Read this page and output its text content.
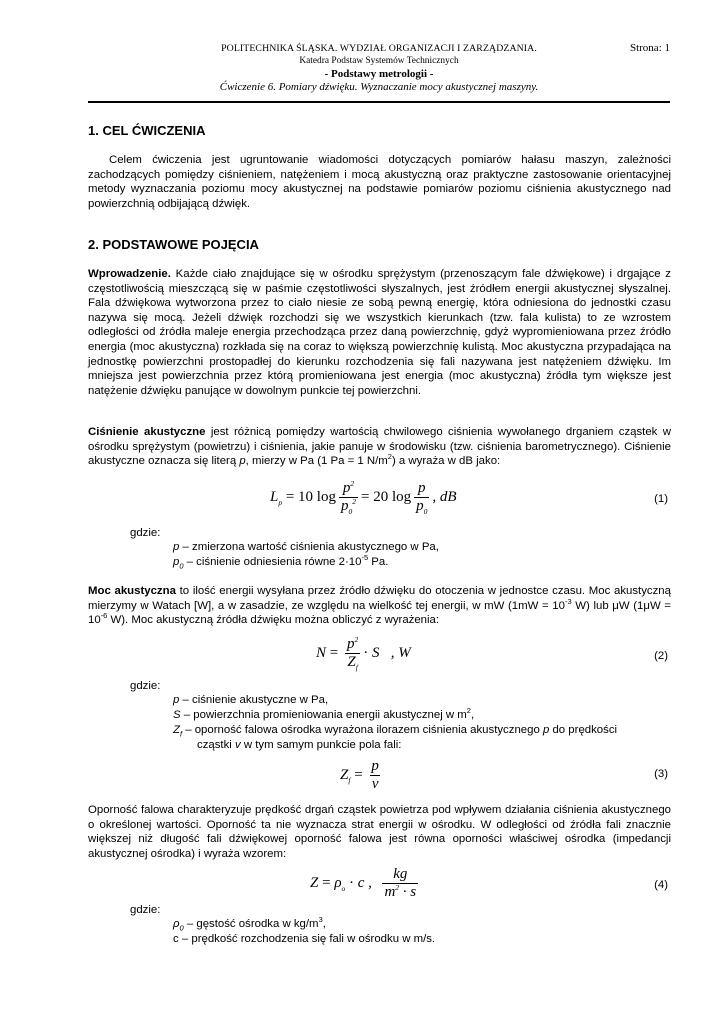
POLITECHNIKA ŚLĄSKA. WYDZIAŁ ORGANIZACJI I ZARZĄDZANIA.
Katedra Podstaw Systemów Technicznych
- Podstawy metrologii -
Ćwiczenie 6. Pomiary dźwięku. Wyznaczanie mocy akustycznej maszyny.
Strona: 1
1. CEL ĆWICZENIA
Celem ćwiczenia jest ugruntowanie wiadomości dotyczących pomiarów hałasu maszyn, zależności zachodzących pomiędzy ciśnieniem, natężeniem i mocą akustyczną oraz praktyczne zastosowanie orientacyjnej metody wyznaczania poziomu mocy akustycznej na podstawie pomiarów poziomu ciśnienia akustycznego nad powierzchnią odbijającą dźwięk.
2. PODSTAWOWE POJĘCIA
Wprowadzenie. Każde ciało znajdujące się w ośrodku sprężystym (przenoszącym fale dźwiękowe) i drgające z częstotliwością mieszczącą się w paśmie częstotliwości słyszalnych, jest źródłem energii akustycznej słyszalnej. Fala dźwiękowa wytworzona przez to ciało niesie ze sobą pewną energię, która odniesiona do jednostki czasu nazywa się mocą. Jeżeli dźwięk rozchodzi się we wszystkich kierunkach (tzw. fala kulista) to ze wzrostem odległości od źródła maleje energia przechodząca przez daną powierzchnię, gdyż wypromieniowana przez źródło energia (moc akustyczna) rozkłada się na coraz to większą powierzchnię kulistą. Moc akustyczna przypadająca na jednostkę powierzchni prostopadłej do kierunku rozchodzenia się fali nazywana jest natężeniem dźwięku. Im mniejsza jest powierzchnia przez którą promieniowana jest energia (moc akustyczna) źródła tym większe jest natężenie dźwięku panujące w dowolnym punkcie tej powierzchni.
Ciśnienie akustyczne jest różnicą pomiędzy wartością chwilowego ciśnienia wywołanego drganiem cząstek w ośrodku sprężystym (powietrzu) i ciśnienia, jakie panuje w środowisku (tzw. ciśnienia barometrycznego). Ciśnienie akustyczne oznacza się literą p, mierzy w Pa (1 Pa = 1 $N/m^2$) a wyraża w dB jako:
$L_p = 10$ $\log \frac{p^2}{p_0^2} = 20$ $\log \frac{p}{p_0}$ , dB	(1)
gdzie:
p – zmierzona wartość ciśnienia akustycznego w Pa,
$p_0$ – ciśnienie odniesienia równe $2\cdot 10^{-5}$ Pa.
Moc akustyczna to ilość energii wysyłana przez źródło dźwięku do otoczenia w jednostce czasu. Moc akustyczną mierzymy w Watach [W], a w zasadzie, ze względu na wielkość tej energii, w mW ($1mW = 10^{-3}$ W) lub μW ($1\mu W = 10^{-6}$ W). Moc akustyczną źródła dźwięku można obliczyć z wyrażenia:
$N = \frac{p^2}{Z_f} \cdot S$   , W	(2)
gdzie:
p – ciśnienie akustyczne w Pa,
S – powierzchnia promieniowania energii akustycznej w $m^2$,
$Z_f$ – oporność falowa ośrodka wyrażona ilorazem ciśnienia akustycznego p do prędkości
cząstki v w tym samym punkcie pola fali:
$Z_f = \frac{p}{v}$	(3)
Oporność falowa charakteryzuje prędkość drgań cząstek powietrza pod wpływem działania ciśnienia akustycznego o określonej wartości. Oporność ta nie wyznacza strat energii w ośrodku. W odległości od źródła fali znacznie większej niż długość fali dźwiękowej oporność falowa jest równa oporności właściwej ośrodka (impedancji akustycznej ośrodka) i wyraża wzorem:
$Z = \rho_o \cdot c$ , $\frac{kg}{m^2 \cdot s}$	(4)
gdzie:
$\rho_0$ – gęstość ośrodka w $kg/m^3$,
c – prędkość rozchodzenia się fali w ośrodku w m/s.
